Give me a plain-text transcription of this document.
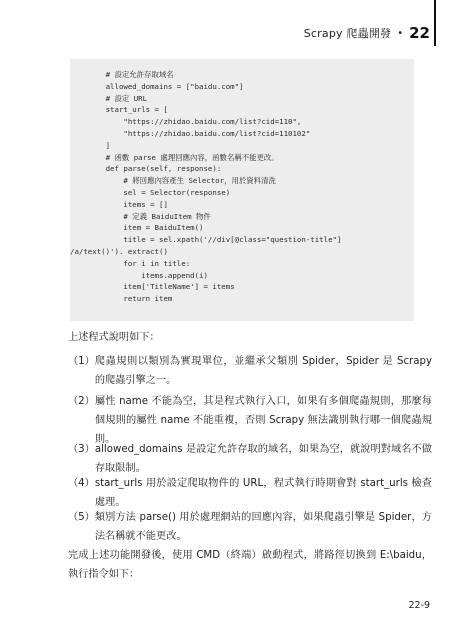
Scrapy 爬蟲開發 • 22
# 設定允許存取域名
allowed_domains = ["baidu.com"]
# 設定 URL
start_urls = [
"https://zhidao.baidu.com/list?cid=110",
"https://zhidao.baidu.com/list?cid=110102"
]
# 函數 parse 處理回應內容，函數名稱不能更改。
def parse(self, response):
# 將回應內容產生 Selector，用於資料清洗
sel = Selector(response)
items = []
# 定義 BaiduItem 物件
item = BaiduItem()
title = sel.xpath('//div[@class="question-title"]
/a/text()'). extract()
for i in title:
items.append(i)
item['TitleName'] = items
return item
上述程式說明如下：
（1） 爬蟲規則以類別為實現單位，並繼承父類別 Spider，Spider 是 Scrapy 的爬蟲引擎之一。
（2） 屬性 name 不能為空，其是程式執行入口，如果有多個爬蟲規則，那麼每個規則的屬性 name 不能重複，否則 Scrapy 無法識別執行哪一個爬蟲規則。
（3） allowed_domains 是設定允許存取的域名，如果為空，就說明對域名不做存取限制。
（4） start_urls 用於設定爬取物件的 URL，程式執行時期會對 start_urls 檢查處理。
（5） 類別方法 parse() 用於處理網站的回應內容，如果爬蟲引擎是 Spider，方法名稱就不能更改。
完成上述功能開發後，使用 CMD（終端）啟動程式，將路徑切換到 E:\baidu，執行指令如下：
22-9
